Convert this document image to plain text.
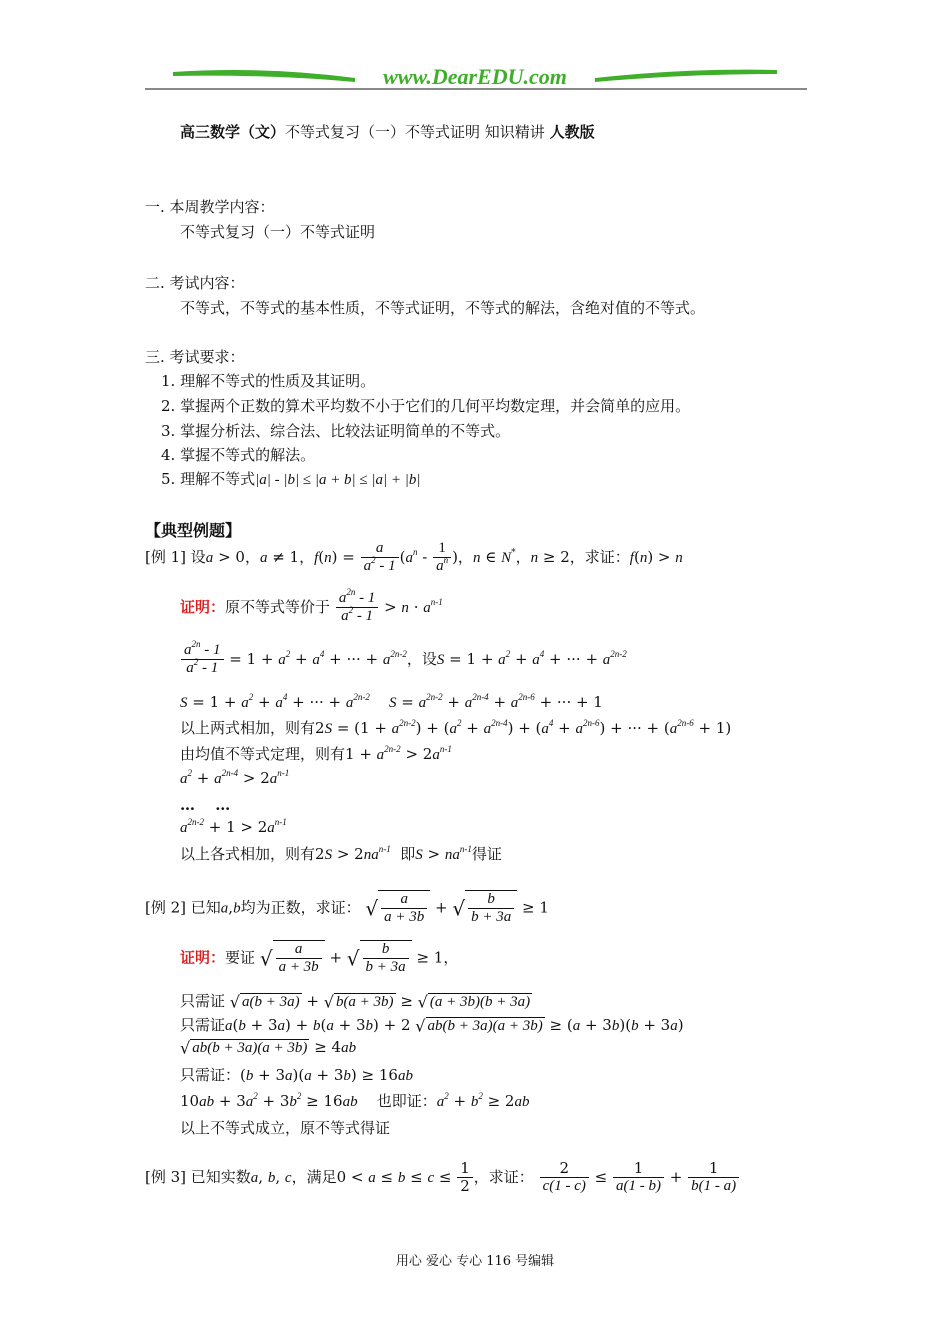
www.DearEDU.com
高三数学（文）不等式复习（一）不等式证明 知识精讲 人教版
一. 本周教学内容：
不等式复习（一）不等式证明
二. 考试内容：
不等式，不等式的基本性质，不等式证明，不等式的解法，含绝对值的不等式。
三. 考试要求：
1. 理解不等式的性质及其证明。
2. 掌握两个正数的算术平均数不小于它们的几何平均数定理，并会简单的应用。
3. 掌握分析法、综合法、比较法证明简单的不等式。
4. 掌握不等式的解法。
5. 理解不等式|a| - |b| ≤ |a + b| ≤ |a| + |b|
【典型例题】
[例 1] 设a > 0，a ≠ 1，$f(n) = \frac{a}{a^2 - 1} (a^n - \frac{1}{a^n}$ )，n ∈ N*，n ≥ 2，求证：f(n) > n
证明：原不等式等价于 $\frac{a^{2n} - 1}{a^2 - 1} > n \cdot a^{n-1}$
$\frac{a^{2n} - 1}{a^2 - 1} = 1 + a^2 + a^4$ + ··· + $a^{2n-2}$，设$S = 1 + a^2 + a^4$ + ··· + $a^{2n-2}$
$S = 1 + a^2 + a^4$ + ··· + $a^{2n-2}$ $S = a^{2n-2} + a^{2n-4} + a^{2n-6}$ + ··· + 1
以上两式相加，则有$2S = (1 + a^{2n-2}) + (a^2 + a^{2n-4}) + (a^4 + a^{2n-6})$ + ··· + $(a^{2n-6} + 1)$
由均值不等式定理，则有$1 + a^{2n-2} > 2a^{n-1}$
$a^2 + a^{2n-4} > 2a^{n-1}$
…　 …
$a^{2n-2} + 1 > 2a^{n-1}$
以上各式相加，则有$2S > 2na^{n-1}$ 即$S > na^{n-1}$得证
[例 2] 已知a,b均为正数，求证： √ $\frac{a}{a + 3b}$ + √ $\frac{b}{b + 3a} \ge 1$
证明：要证 √ $\frac{a}{a + 3b}$ + √ $\frac{b}{b + 3a} \ge 1$，
只需证 √ a(b + 3a) + √ b(a + 3b) ≥ √ (a + 3b)(b + 3a)
只需证a(b + 3a) + b(a + 3b) + 2 √ ab(b + 3a)(a + 3b) ≥ (a + 3b)(b + 3a)
√ ab(b + 3a)(a + 3b) ≥ 4ab
只需证：(b + 3a)(a + 3b) ≥ 16ab
$10ab + 3a^2 + 3b^2 \ge 16ab$ 也即证：$a^2 + b^2 \ge 2ab$
以上不等式成立，原不等式得证
[例 3] 已知实数a, b, c，满足$0 < a \le b \le c \le \frac{1}{2}$ ，求证： $\frac{2}{c(1 - c)} \le \frac{1}{a(1 - b)} + \frac{1}{b(1 - a)}$
用心 爱心 专心 116 号编辑
